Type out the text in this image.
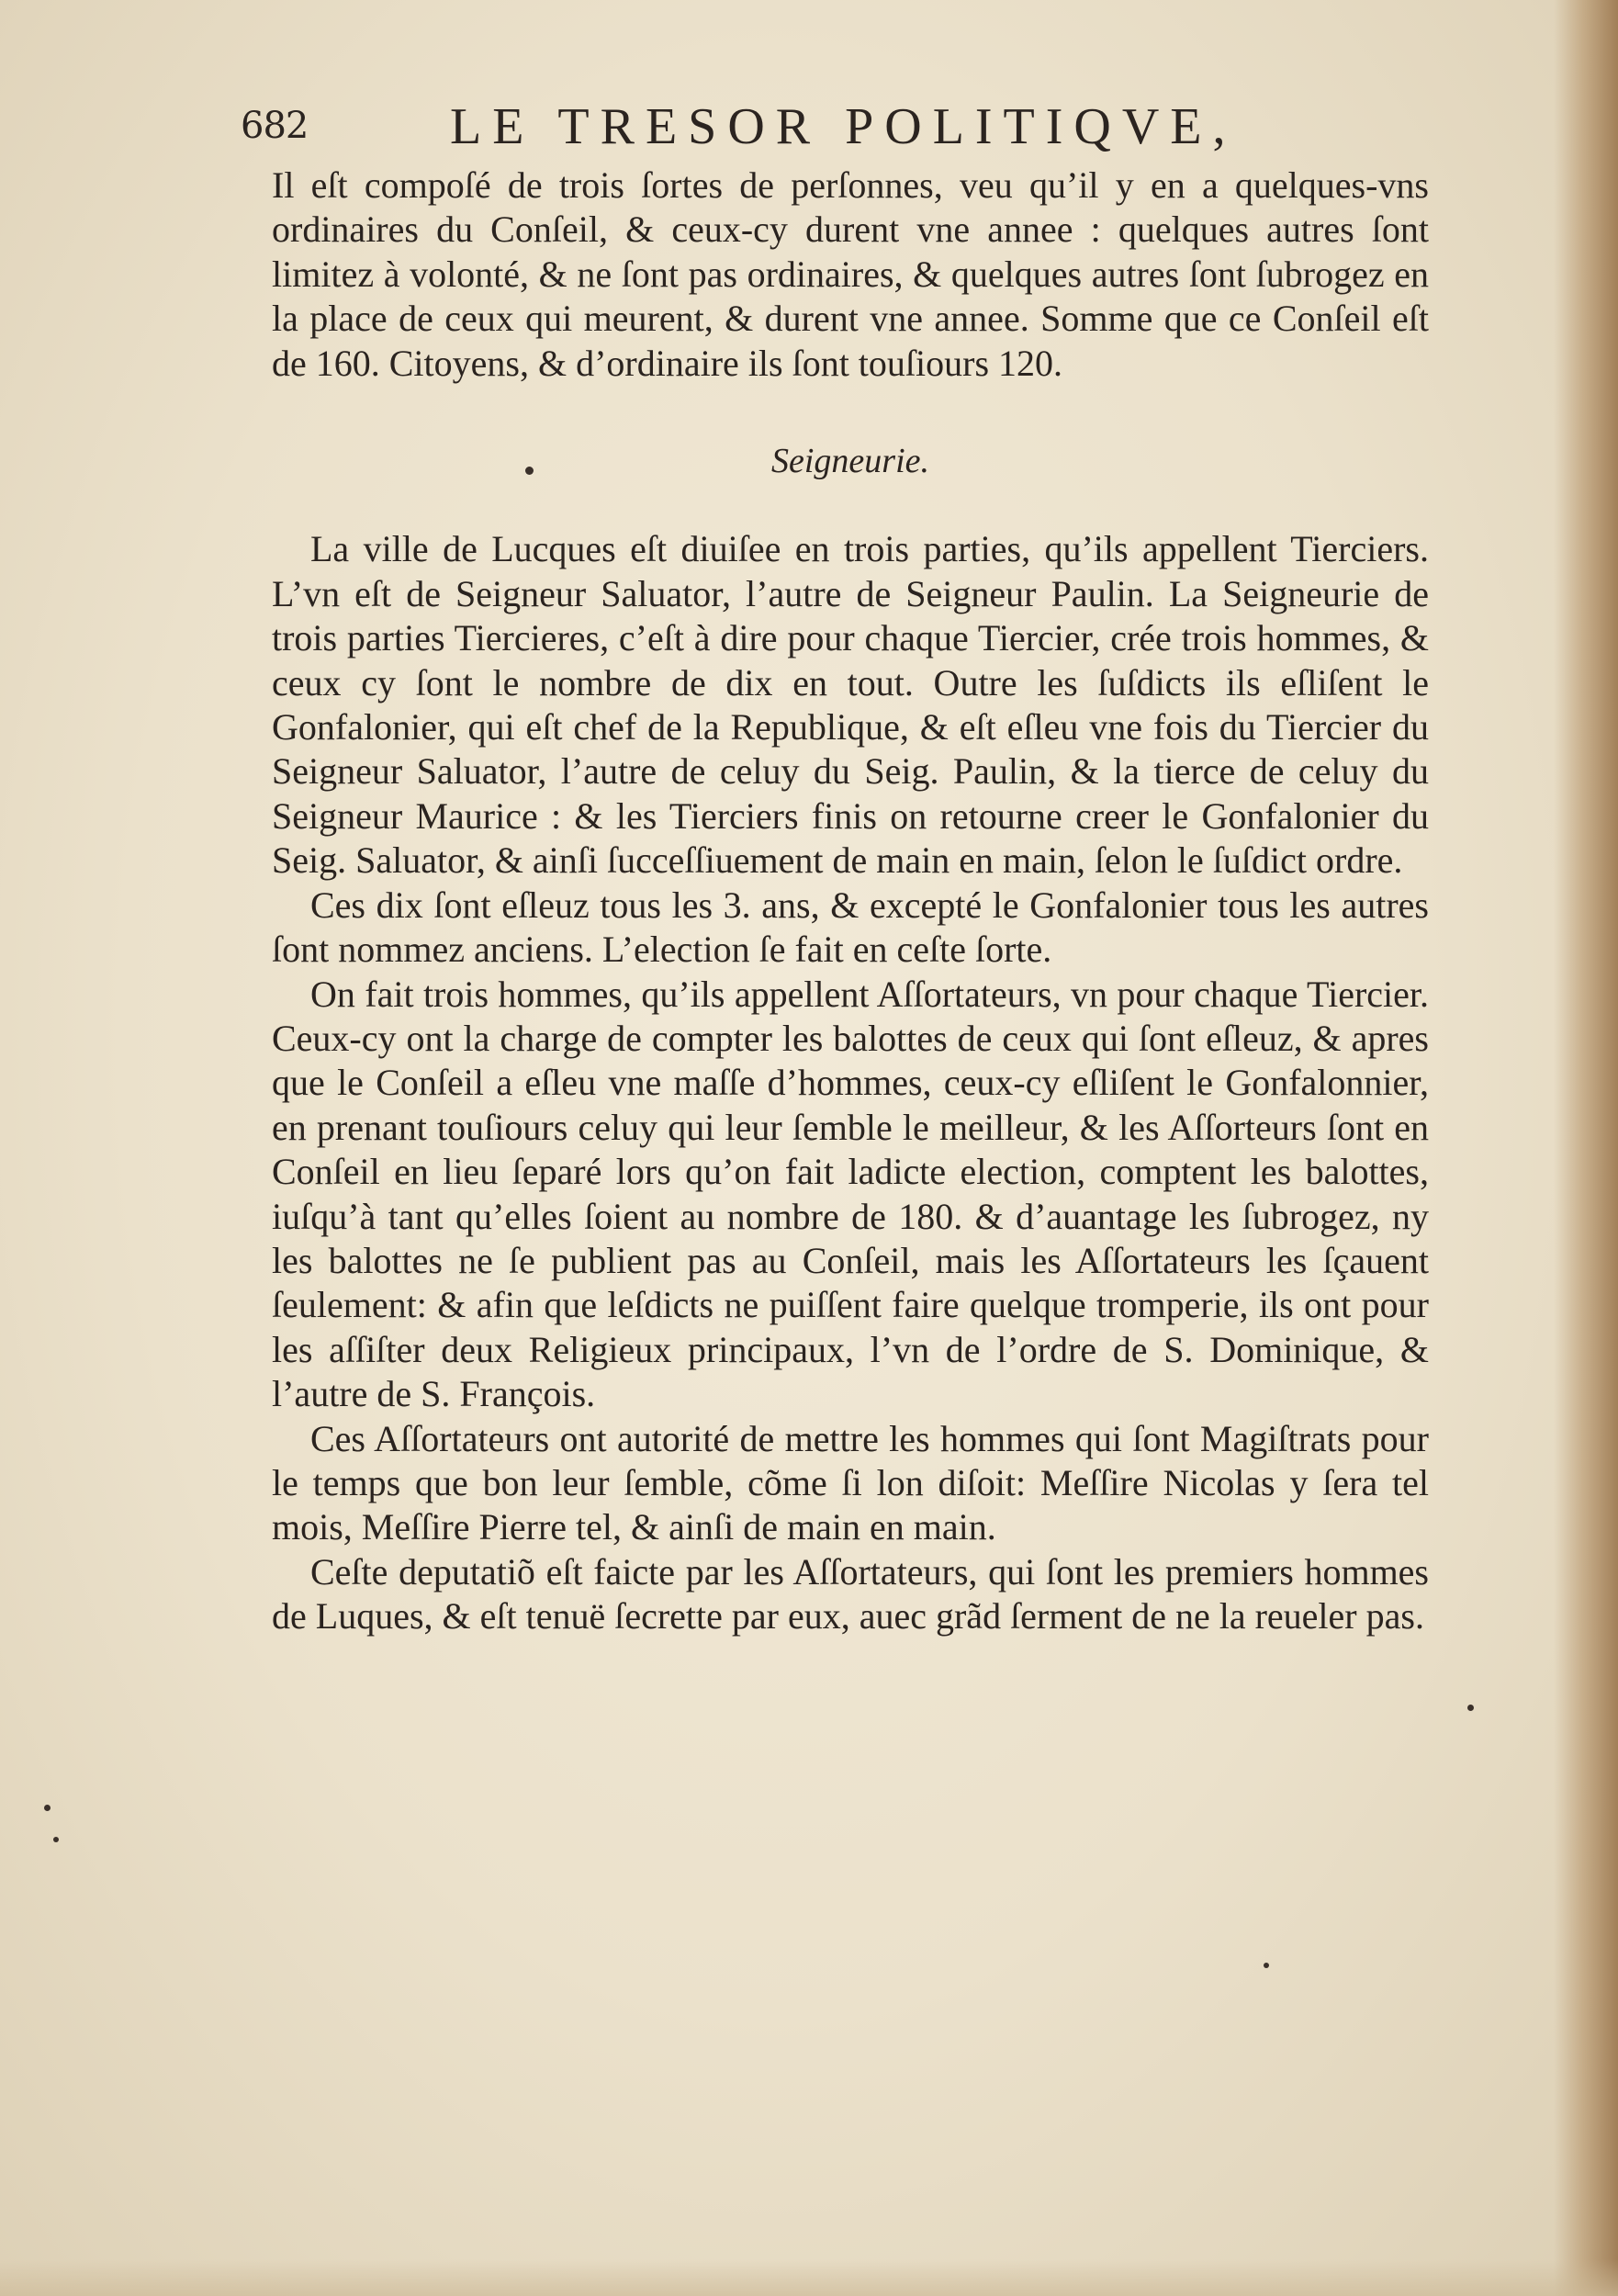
682	LE TRESOR POLITIQVE,

Il eſt compoſé de trois ſortes de perſonnes, veu qu’il y en a quelques-vns ordinaires du Conſeil, & ceux-cy durent vne annee : quelques autres ſont limitez à volonté, & ne ſont pas ordinaires, & quelques autres ſont ſubrogez en la place de ceux qui meurent, & durent vne annee. Somme que ce Conſeil eſt de 160. Citoyens, & d’ordinaire ils ſont touſiours 120.

Seigneurie.

La ville de Lucques eſt diuiſee en trois parties, qu’ils appellent Tierciers. L’vn eſt de Seigneur Saluator, l’autre de Seigneur Paulin. La Seigneurie de trois parties Tiercieres, c’eſt à dire pour chaque Tiercier, crée trois hommes, & ceux cy ſont le nombre de dix en tout. Outre les ſuſdicts ils eſliſent le Gonfalonier, qui eſt chef de la Republique, & eſt eſleu vne fois du Tiercier du Seigneur Saluator, l’autre de celuy du Seig. Paulin, & la tierce de celuy du Seigneur Maurice : & les Tierciers finis on retourne creer le Gonfalonier du Seig. Saluator, & ainſi ſucceſſiuement de main en main, ſelon le ſuſdict ordre.

Ces dix ſont eſleuz tous les 3. ans, & excepté le Gonfalonier tous les autres ſont nommez anciens. L’election ſe fait en ceſte ſorte.

On fait trois hommes, qu’ils appellent Aſſortateurs, vn pour chaque Tiercier. Ceux-cy ont la charge de compter les balottes de ceux qui ſont eſleuz, & apres que le Conſeil a eſleu vne maſſe d’hommes, ceux-cy eſliſent le Gonfalonnier, en prenant touſiours celuy qui leur ſemble le meilleur, & les Aſſorteurs ſont en Conſeil en lieu ſeparé lors qu’on fait ladicte election, comptent les balottes, iuſqu’à tant qu’elles ſoient au nombre de 180. & d’auantage les ſubrogez, ny les balottes ne ſe publient pas au Conſeil, mais les Aſſortateurs les ſçauent ſeulement: & afin que leſdicts ne puiſſent faire quelque tromperie, ils ont pour les aſſiſter deux Religieux principaux, l’vn de l’ordre de S. Dominique, & l’autre de S. François.

Ces Aſſortateurs ont autorité de mettre les hommes qui ſont Magiſtrats pour le temps que bon leur ſemble, cõme ſi lon diſoit: Meſſire Nicolas y ſera tel mois, Meſſire Pierre tel, & ainſi de main en main.

Ceſte deputatiõ eſt faicte par les Aſſortateurs, qui ſont les premiers hommes de Luques, & eſt tenuë ſecrette par eux, auec grãd ſerment de ne la reueler pas.
